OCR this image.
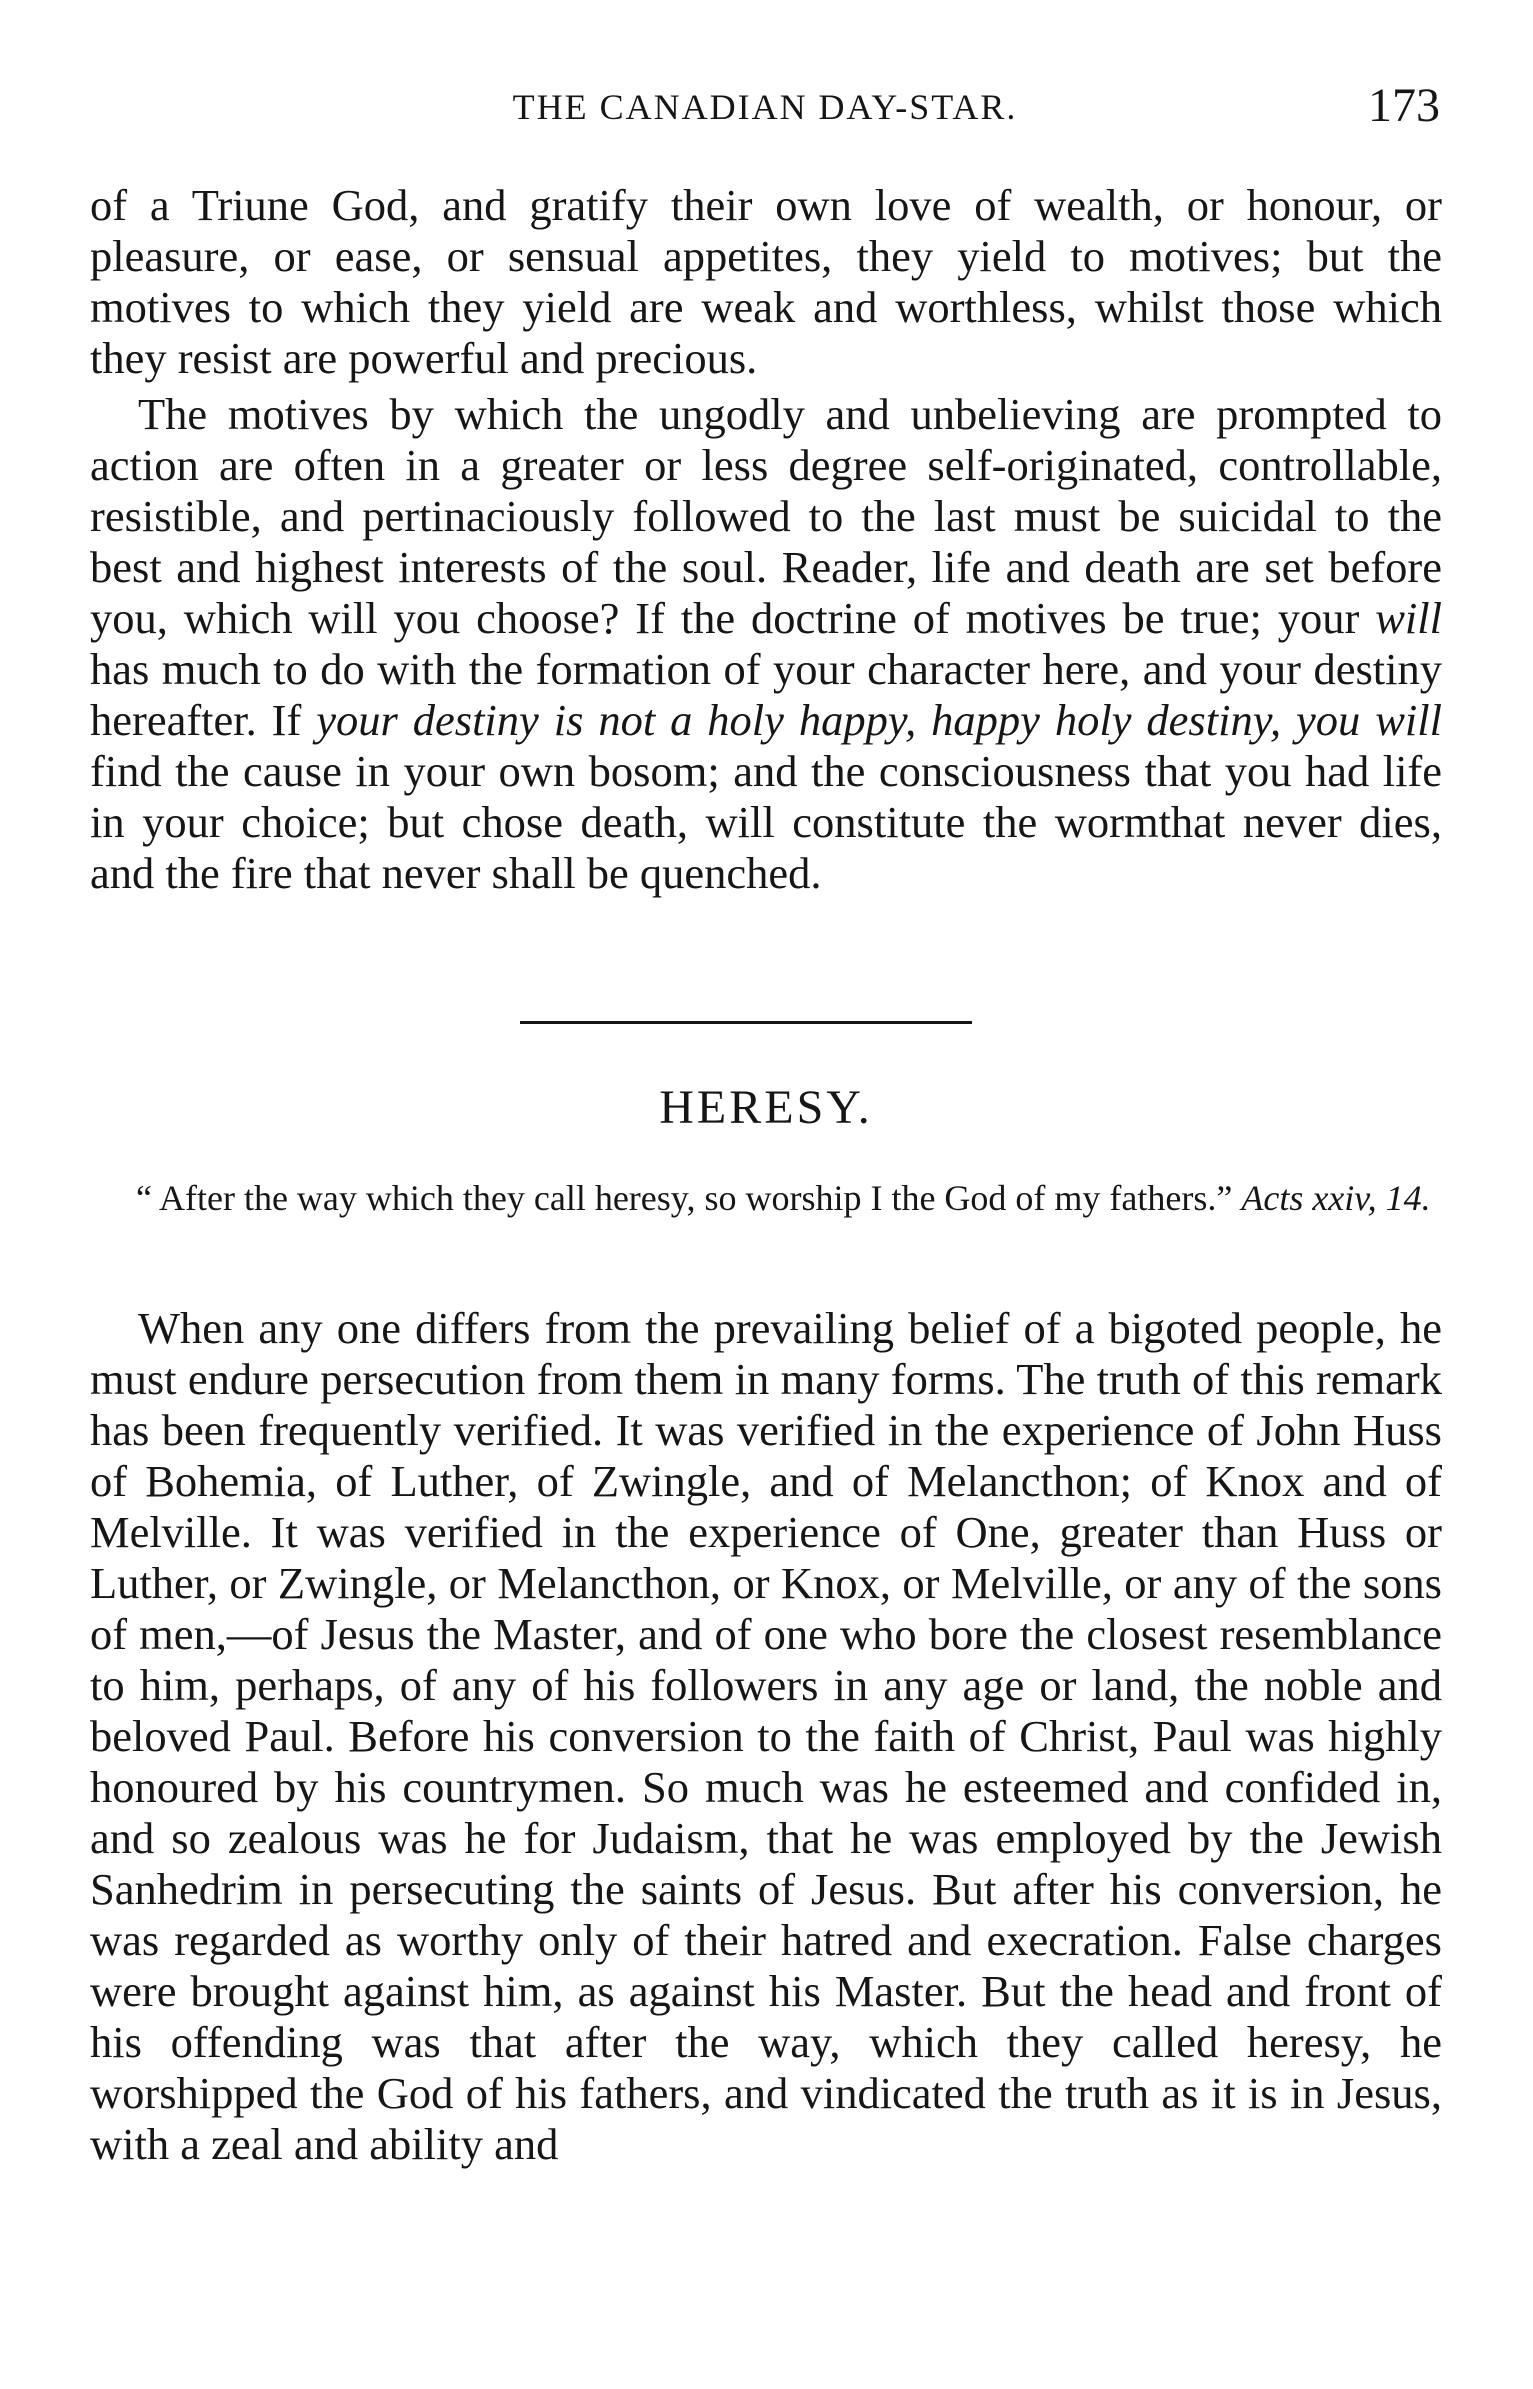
THE CANADIAN DAY-STAR.	173

of a Triune God, and gratify their own love of wealth, or honour, or pleasure, or ease, or sensual appetites, they yield to motives; but the motives to which they yield are weak and worthless, whilst those which they resist are powerful and precious.

The motives by which the ungodly and unbelieving are prompted to action are often in a greater or less degree self-originated, controllable, resistible, and pertinaciously followed to the last must be suicidal to the best and highest interests of the soul. Reader, life and death are set before you, which will you choose? If the doctrine of motives be true; your will has much to do with the formation of your character here, and your destiny hereafter. If your destiny is not a holy happy, happy holy destiny, you will find the cause in your own bosom; and the consciousness that you had life in your choice; but chose death, will constitute the wormthat never dies, and the fire that never shall be quenched.

HERESY.

“ After the way which they call heresy, so worship I the God of my fathers.” Acts xxiv, 14.

When any one differs from the prevailing belief of a bigoted people, he must endure persecution from them in many forms. The truth of this remark has been frequently verified. It was verified in the experience of John Huss of Bohemia, of Luther, of Zwingle, and of Melancthon; of Knox and of Melville. It was verified in the experience of One, greater than Huss or Luther, or Zwingle, or Melancthon, or Knox, or Melville, or any of the sons of men,—of Jesus the Master, and of one who bore the closest resemblance to him, perhaps, of any of his followers in any age or land, the noble and beloved Paul. Before his conversion to the faith of Christ, Paul was highly honoured by his countrymen. So much was he esteemed and confided in, and so zealous was he for Judaism, that he was employed by the Jewish Sanhedrim in persecuting the saints of Jesus. But after his conversion, he was regarded as worthy only of their hatred and execration. False charges were brought against him, as against his Master. But the head and front of his offending was that after the way, which they called heresy, he worshipped the God of his fathers, and vindicated the truth as it is in Jesus, with a zeal and ability and
